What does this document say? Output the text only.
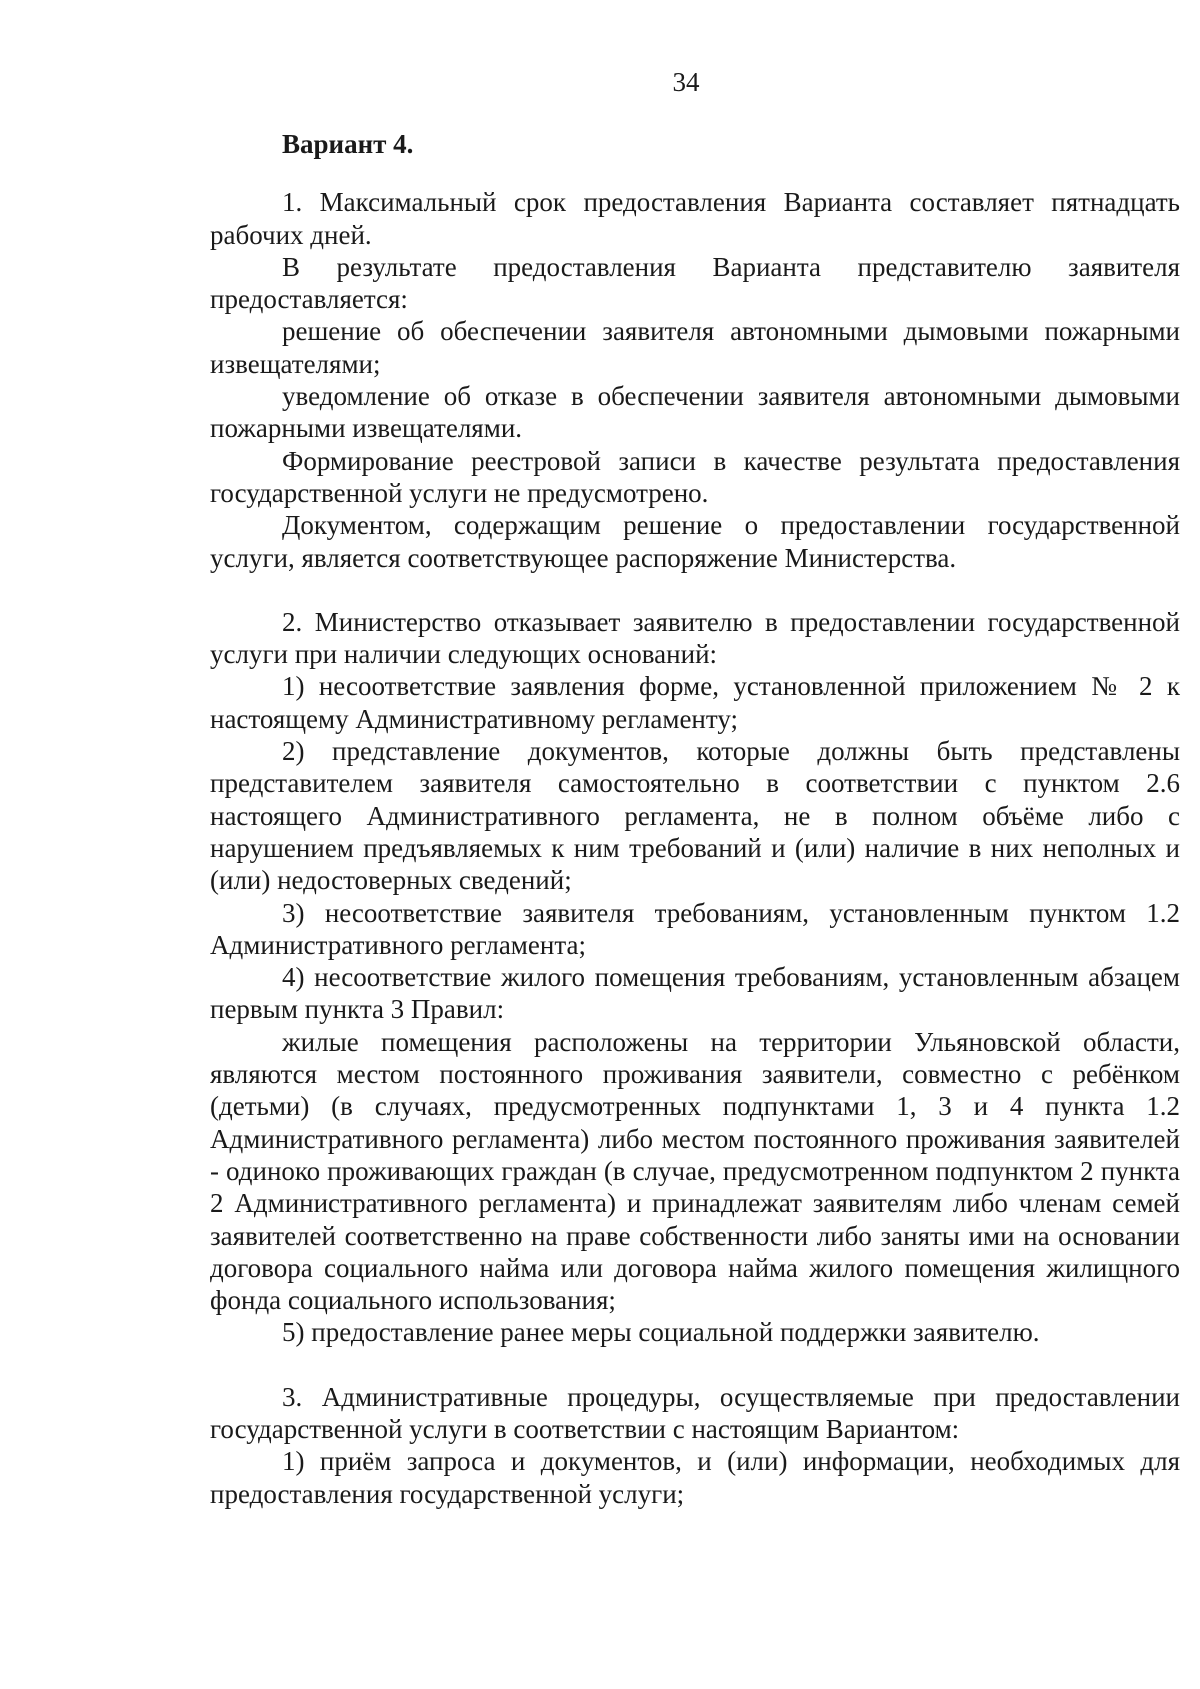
34
Вариант 4.

1. Максимальный срок предоставления Варианта составляет пятнадцать рабочих дней.

В результате предоставления Варианта представителю заявителя предоставляется:

решение об обеспечении заявителя автономными дымовыми пожарными извещателями;

уведомление об отказе в обеспечении заявителя автономными дымовыми пожарными извещателями.

Формирование реестровой записи в качестве результата предоставления государственной услуги не предусмотрено.

Документом, содержащим решение о предоставлении государственной услуги, является соответствующее распоряжение Министерства.

2. Министерство отказывает заявителю в предоставлении государственной услуги при наличии следующих оснований:

1) несоответствие заявления форме, установленной приложением № 2 к настоящему Административному регламенту;

2) представление документов, которые должны быть представлены представителем заявителя самостоятельно в соответствии с пунктом 2.6 настоящего Административного регламента, не в полном объёме либо с нарушением предъявляемых к ним требований и (или) наличие в них неполных и (или) недостоверных сведений;

3) несоответствие заявителя требованиям, установленным пунктом 1.2 Административного регламента;

4) несоответствие жилого помещения требованиям, установленным абзацем первым пункта 3 Правил:

жилые помещения расположены на территории Ульяновской области, являются местом постоянного проживания заявители, совместно с ребёнком (детьми) (в случаях, предусмотренных подпунктами 1, 3 и 4 пункта 1.2 Административного регламента) либо местом постоянного проживания заявителей - одиноко проживающих граждан (в случае, предусмотренном подпунктом 2 пункта 2 Административного регламента) и принадлежат заявителям либо членам семей заявителей соответственно на праве собственности либо заняты ими на основании договора социального найма или договора найма жилого помещения жилищного фонда социального использования;

5) предоставление ранее меры социальной поддержки заявителю.

3. Административные процедуры, осуществляемые при предоставлении государственной услуги в соответствии с настоящим Вариантом:

1) приём запроса и документов, и (или) информации, необходимых для предоставления государственной услуги;
